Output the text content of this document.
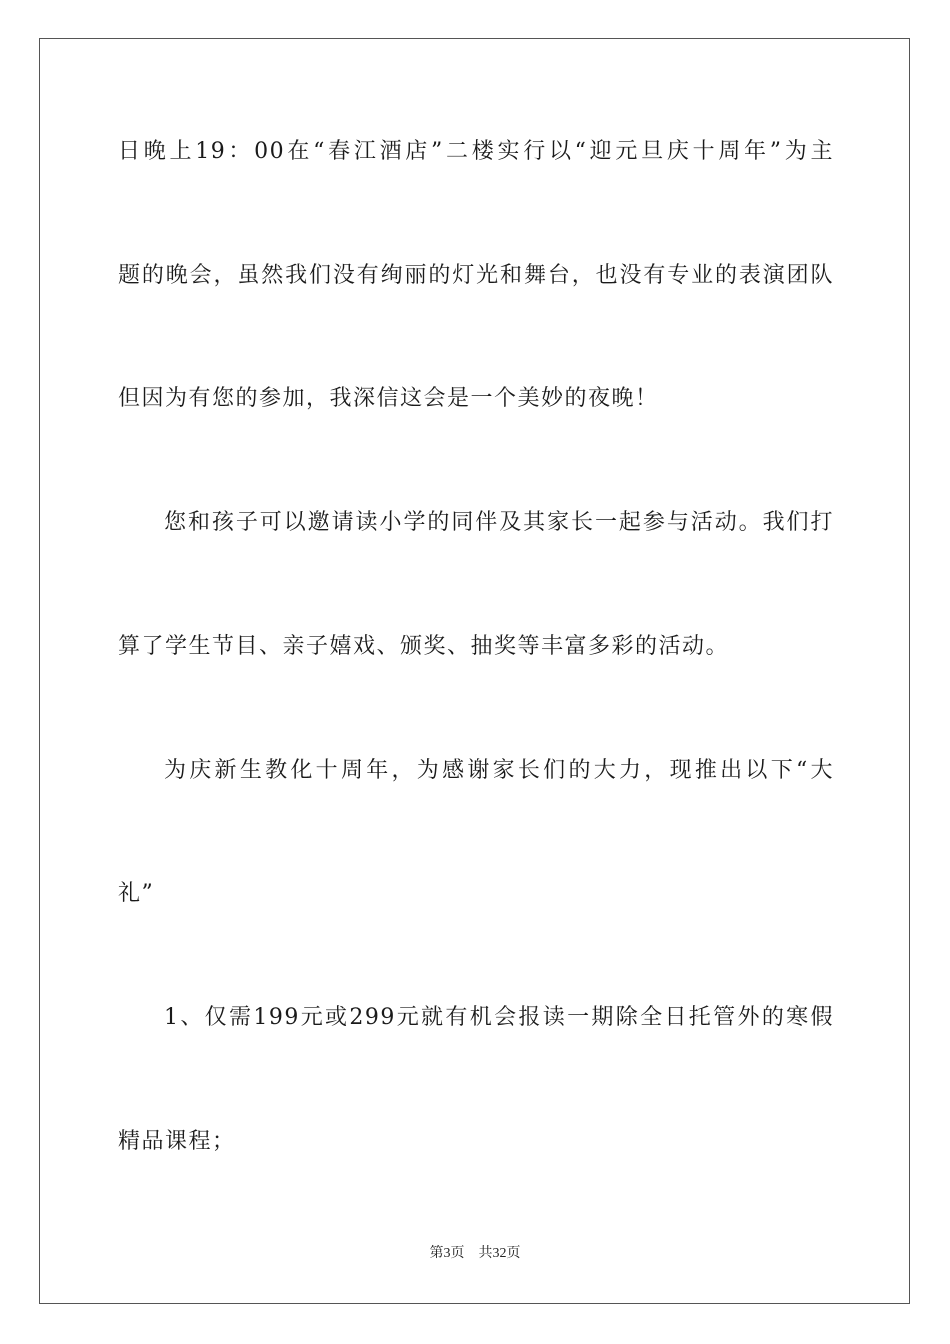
日晚上19：00在“春江酒店”二楼实行以“迎元旦庆十周年”为主
题的晚会，虽然我们没有绚丽的灯光和舞台，也没有专业的表演团队
但因为有您的参加，我深信这会是一个美妙的夜晚！
您和孩子可以邀请读小学的同伴及其家长一起参与活动。我们打
算了学生节目、亲子嬉戏、颁奖、抽奖等丰富多彩的活动。
为庆新生教化十周年，为感谢家长们的大力，现推出以下“大
礼”
1、仅需199元或299元就有机会报读一期除全日托管外的寒假
精品课程；
第3页 共32页
